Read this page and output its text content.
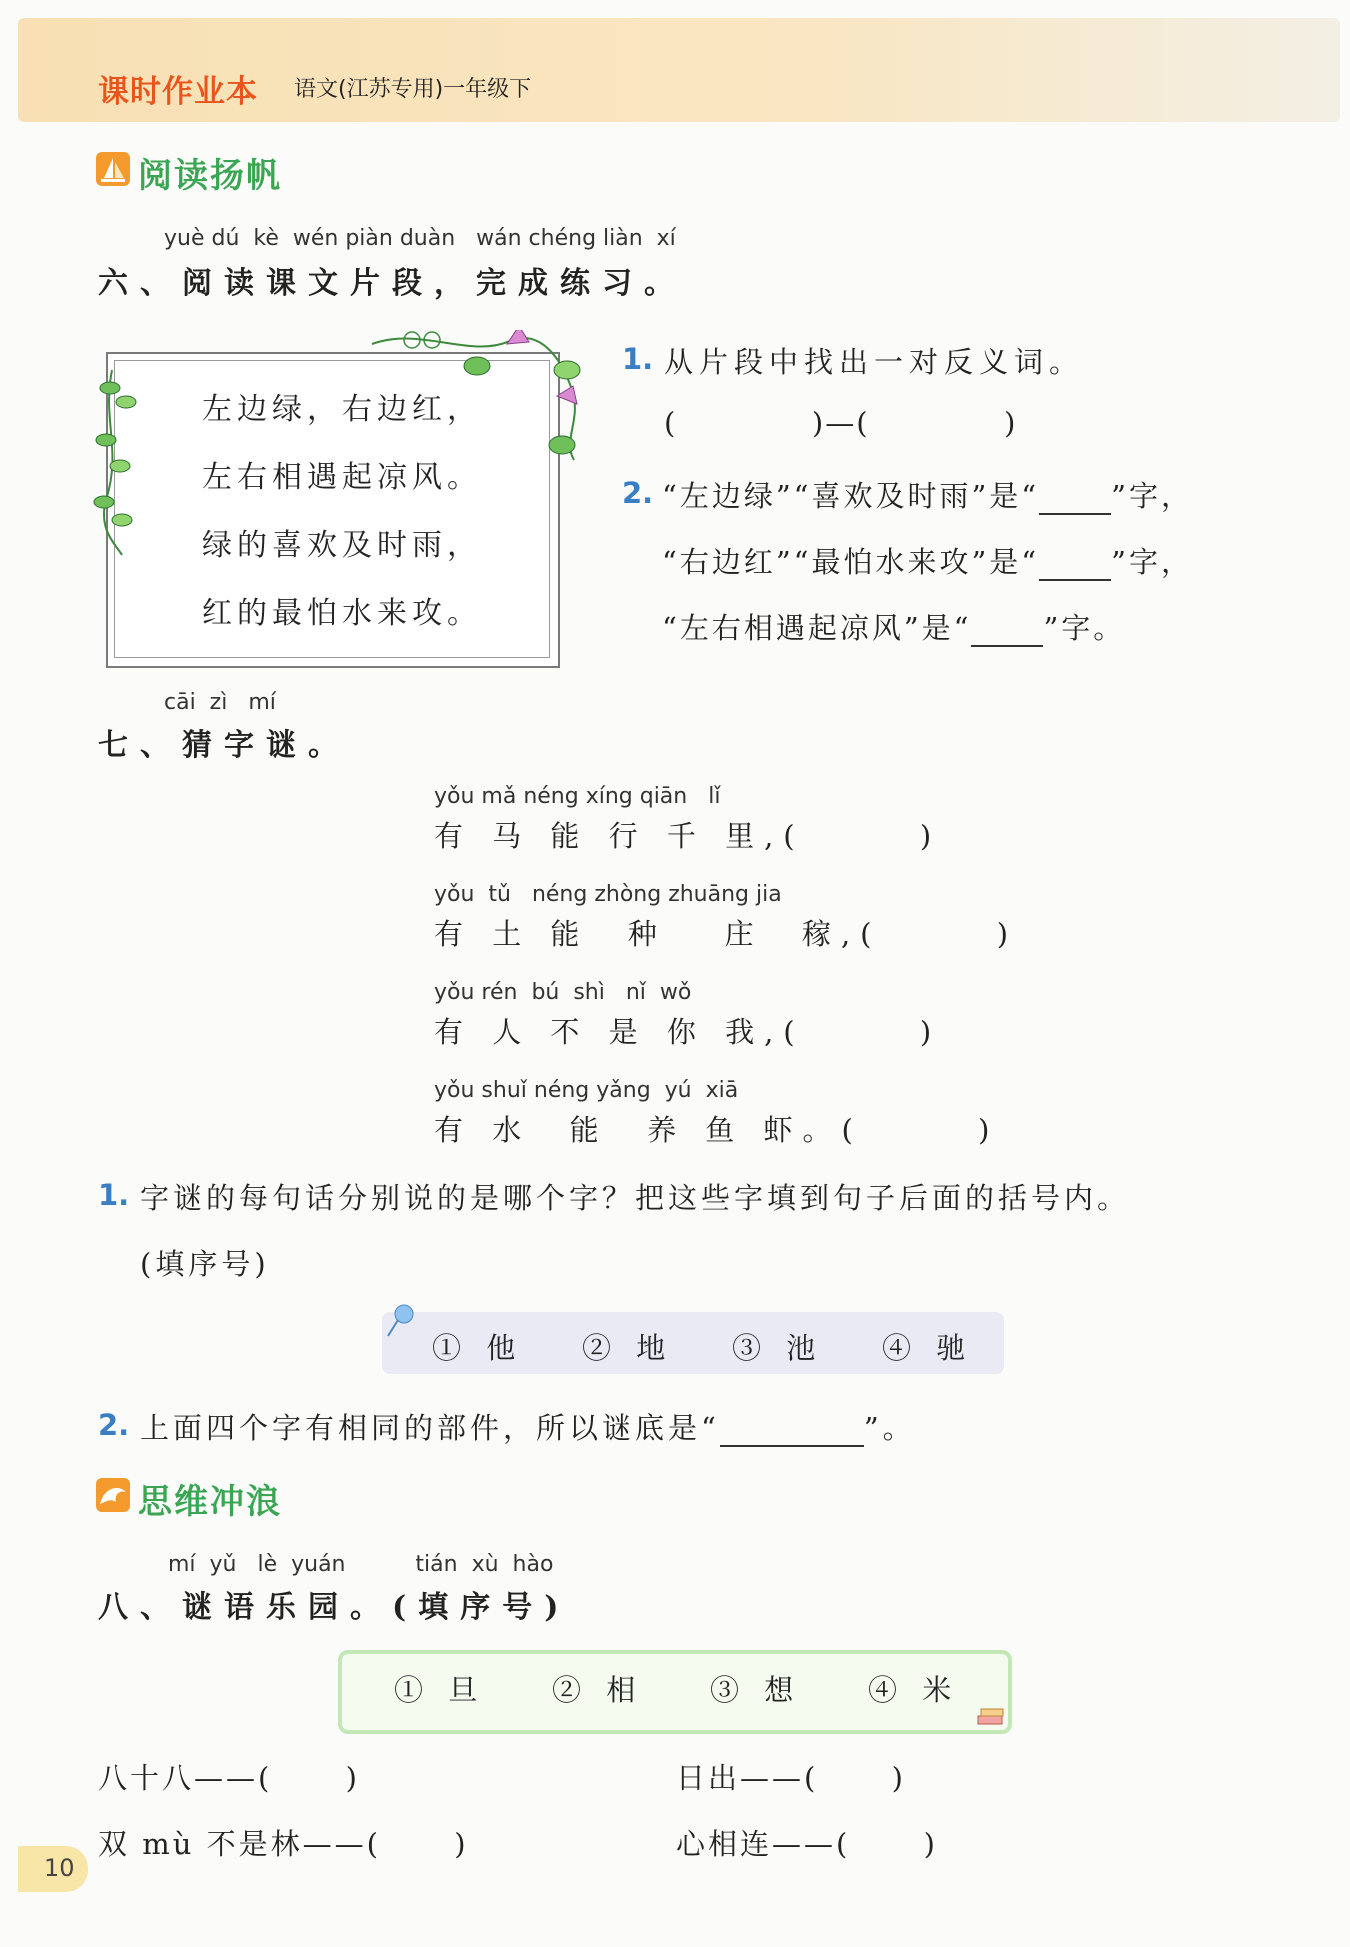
课时作业本 语文(江苏专用)一年级下
阅读扬帆
yuè dú  kè  wén piàn duàn   wán chéng liàn  xí
六、阅读课文片段，完成练习。
左边绿，右边红，
左右相遇起凉风。
绿的喜欢及时雨，
红的最怕水来攻。
1. 从片段中找出一对反义词。
(            )—(            )
2. “左边绿”“喜欢及时雨”是“ ”字，
“右边红”“最怕水来攻”是“ ”字，
“左右相遇起凉风”是“ ”字。
cāi  zì   mí
七、猜字谜。
yǒu mǎ néng xíng qiān   lǐ
有 马 能 行 千 里,(      )
yǒu  tǔ   néng zhòng zhuāng jia
有 土 能  种   庄  稼,(      )
yǒu rén  bú  shì   nǐ  wǒ
有 人 不 是 你 我,(      )
yǒu shuǐ néng yǎng  yú  xiā
有 水  能  养 鱼 虾。(      )
1. 字谜的每句话分别说的是哪个字？把这些字填到句子后面的括号内。
(填序号)
① 他 ② 地 ③ 池 ④ 驰
2. 上面四个字有相同的部件，所以谜底是“	”。
思维冲浪
mí  yǔ   lè  yuán          tián  xù  hào
八、谜语乐园。(填序号)
① 旦 ② 相 ③ 想 ④ 米
八十八——(      )	日出——(      )
双 mù 不是林——(      )	心相连——(      )
10
